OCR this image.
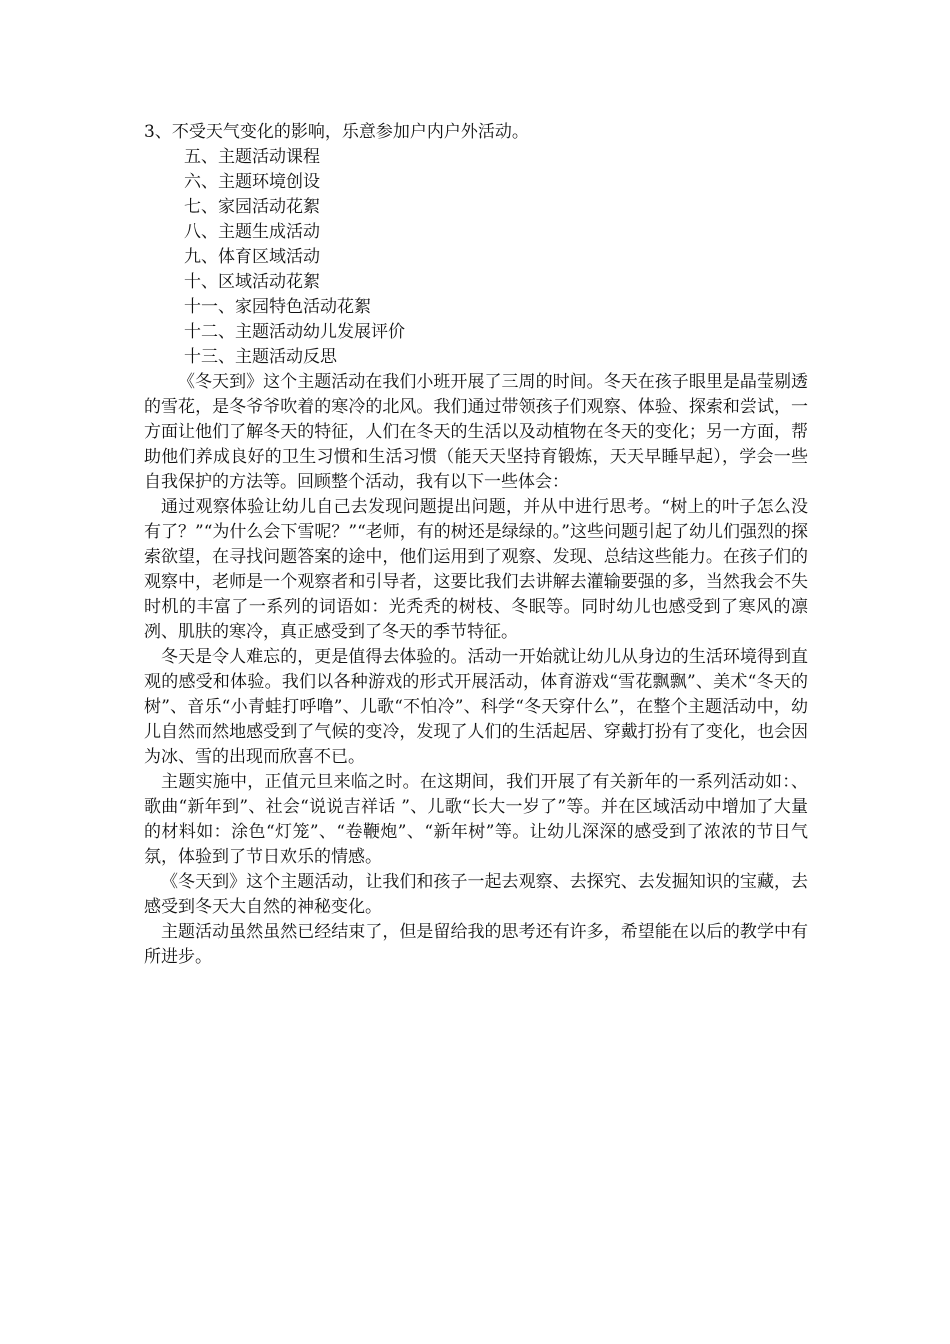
3、不受天气变化的影响，乐意参加户内户外活动。

五、主题活动课程

六、主题环境创设

七、家园活动花絮

八、主题生成活动

九、体育区域活动

十、区域活动花絮

十一、家园特色活动花絮

十二、主题活动幼儿发展评价

十三、主题活动反思

《冬天到》这个主题活动在我们小班开展了三周的时间。冬天在孩子眼里是晶莹剔透的雪花，是冬爷爷吹着的寒冷的北风。我们通过带领孩子们观察、体验、探索和尝试，一方面让他们了解冬天的特征，人们在冬天的生活以及动植物在冬天的变化；另一方面，帮助他们养成良好的卫生习惯和生活习惯（能天天坚持育锻炼，天天早睡早起），学会一些自我保护的方法等。回顾整个活动，我有以下一些体会：

通过观察体验让幼儿自己去发现问题提出问题，并从中进行思考。“树上的叶子怎么没有了？”“为什么会下雪呢？”“老师，有的树还是绿绿的。”这些问题引起了幼儿们强烈的探索欲望，在寻找问题答案的途中，他们运用到了观察、发现、总结这些能力。在孩子们的观察中，老师是一个观察者和引导者，这要比我们去讲解去灌输要强的多，当然我会不失时机的丰富了一系列的词语如：光秃秃的树枝、冬眠等。同时幼儿也感受到了寒风的凛冽、肌肤的寒冷，真正感受到了冬天的季节特征。

冬天是令人难忘的，更是值得去体验的。活动一开始就让幼儿从身边的生活环境得到直观的感受和体验。我们以各种游戏的形式开展活动，体育游戏“雪花飘飘”、美术“冬天的树”、音乐“小青蛙打呼噜”、儿歌“不怕冷”、科学“冬天穿什么”，在整个主题活动中，幼儿自然而然地感受到了气候的变冷，发现了人们的生活起居、穿戴打扮有了变化，也会因为冰、雪的出现而欣喜不已。

主题实施中，正值元旦来临之时。在这期间，我们开展了有关新年的一系列活动如：、歌曲“新年到”、社会“说说吉祥话 ”、儿歌“长大一岁了”等。并在区域活动中增加了大量的材料如：涂色“灯笼”、“卷鞭炮”、“新年树”等。让幼儿深深的感受到了浓浓的节日气氛，体验到了节日欢乐的情感。

《冬天到》这个主题活动，让我们和孩子一起去观察、去探究、去发掘知识的宝藏，去感受到冬天大自然的神秘变化。

主题活动虽然虽然已经结束了，但是留给我的思考还有许多，希望能在以后的教学中有所进步。
